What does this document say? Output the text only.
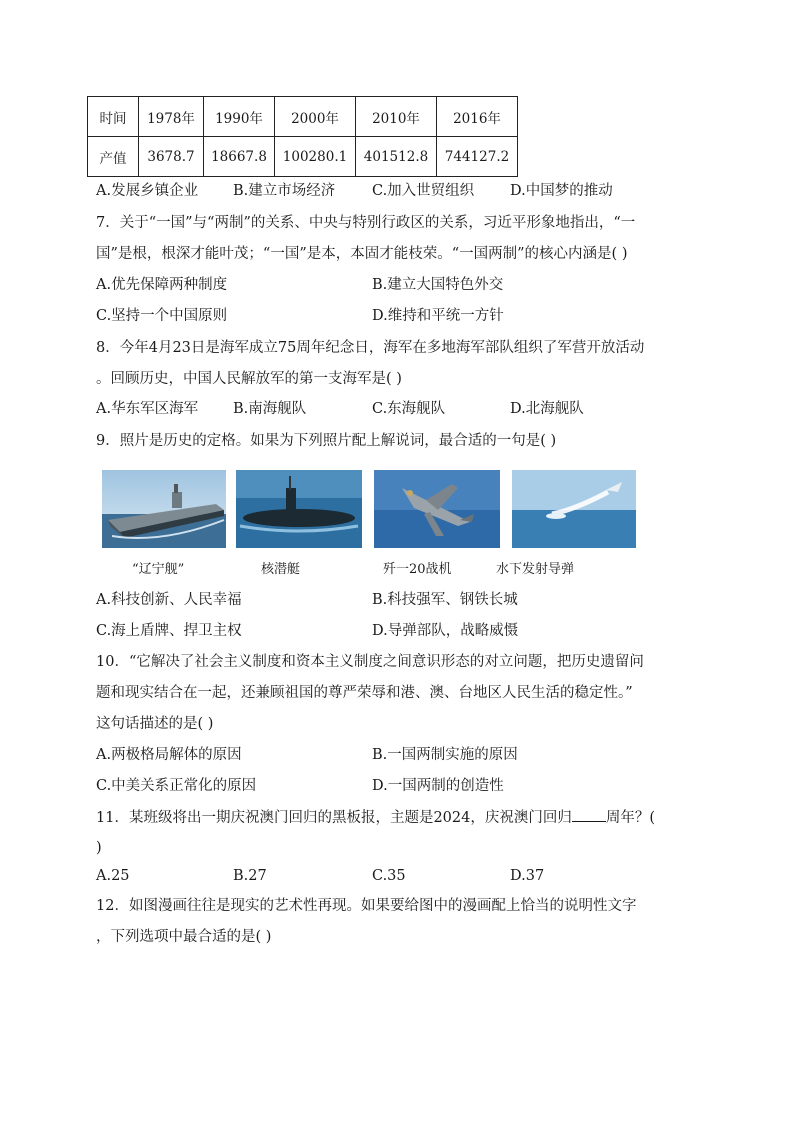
时间	1978年	1990年	2000年	2010年	2016年
产值	3678.7	18667.8	100280.1	401512.8	744127.2
A.发展乡镇企业 B.建立市场经济	C.加入世贸组织 D.中国梦的推动
7．关于“一国”与“两制”的关系、中央与特别行政区的关系，习近平形象地指出，“一
国”是根，根深才能叶茂；“一国”是本，本固才能枝荣。“一国两制”的核心内涵是( )
A.优先保障两种制度	B.建立大国特色外交
C.坚持一个中国原则	D.维持和平统一方针
8．今年4月23日是海军成立75周年纪念日，海军在多地海军部队组织了军营开放活动
。回顾历史，中国人民解放军的第一支海军是( )
A.华东军区海军 B.南海舰队	C.东海舰队	D.北海舰队
9．照片是历史的定格。如果为下列照片配上解说词，最合适的一句是( )
“辽宁舰”	核潜艇	歼一20战机	水下发射导弹
A.科技创新、人民幸福	B.科技强军、钢铁长城
C.海上盾牌、捍卫主权	D.导弹部队，战略威慑
10．“它解决了社会主义制度和资本主义制度之间意识形态的对立问题，把历史遗留问
题和现实结合在一起，还兼顾祖国的尊严荣辱和港、澳、台地区人民生活的稳定性。”
这句话描述的是( )
A.两极格局解体的原因	B.一国两制实施的原因
C.中美关系正常化的原因	D.一国两制的创造性
11．某班级将出一期庆祝澳门回归的黑板报，主题是2024，庆祝澳门回归 周年？(
)
A.25	B.27	C.35	D.37
12．如图漫画往往是现实的艺术性再现。如果要给图中的漫画配上恰当的说明性文字
，下列选项中最合适的是( )
